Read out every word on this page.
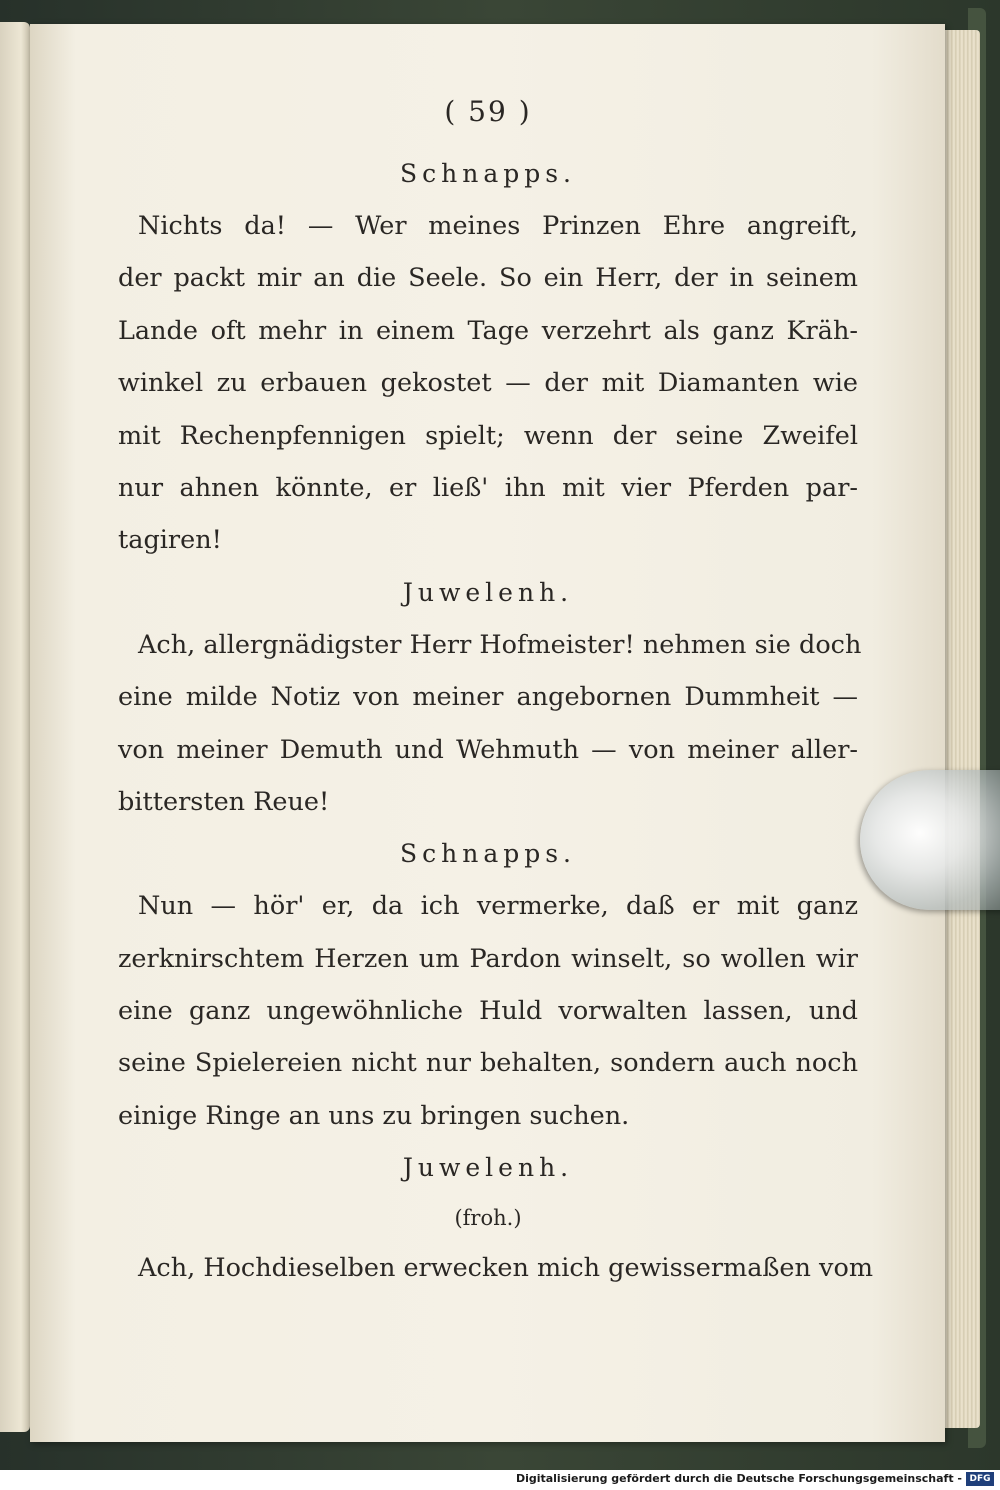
( 59 )
Schnapps.
Nichts da! — Wer meines Prinzen Ehre angreift,
der packt mir an die Seele. So ein Herr, der in seinem
Lande oft mehr in einem Tage verzehrt als ganz Kräh-
winkel zu erbauen gekostet — der mit Diamanten wie
mit Rechenpfennigen spielt; wenn der seine Zweifel
nur ahnen könnte, er ließ' ihn mit vier Pferden par-
tagiren!
Juwelenh.
Ach, allergnädigster Herr Hofmeister! nehmen sie doch
eine milde Notiz von meiner angebornen Dummheit —
von meiner Demuth und Wehmuth — von meiner aller-
bittersten Reue!
Schnapps.
Nun — hör' er, da ich vermerke, daß er mit ganz
zerknirschtem Herzen um Pardon winselt, so wollen wir
eine ganz ungewöhnliche Huld vorwalten lassen, und
seine Spielereien nicht nur behalten, sondern auch noch
einige Ringe an uns zu bringen suchen.
Juwelenh.
(froh.)
Ach, Hochdieselben erwecken mich gewissermaßen vom
Digitalisierung gefördert durch die Deutsche Forschungsgemeinschaft - DFG
